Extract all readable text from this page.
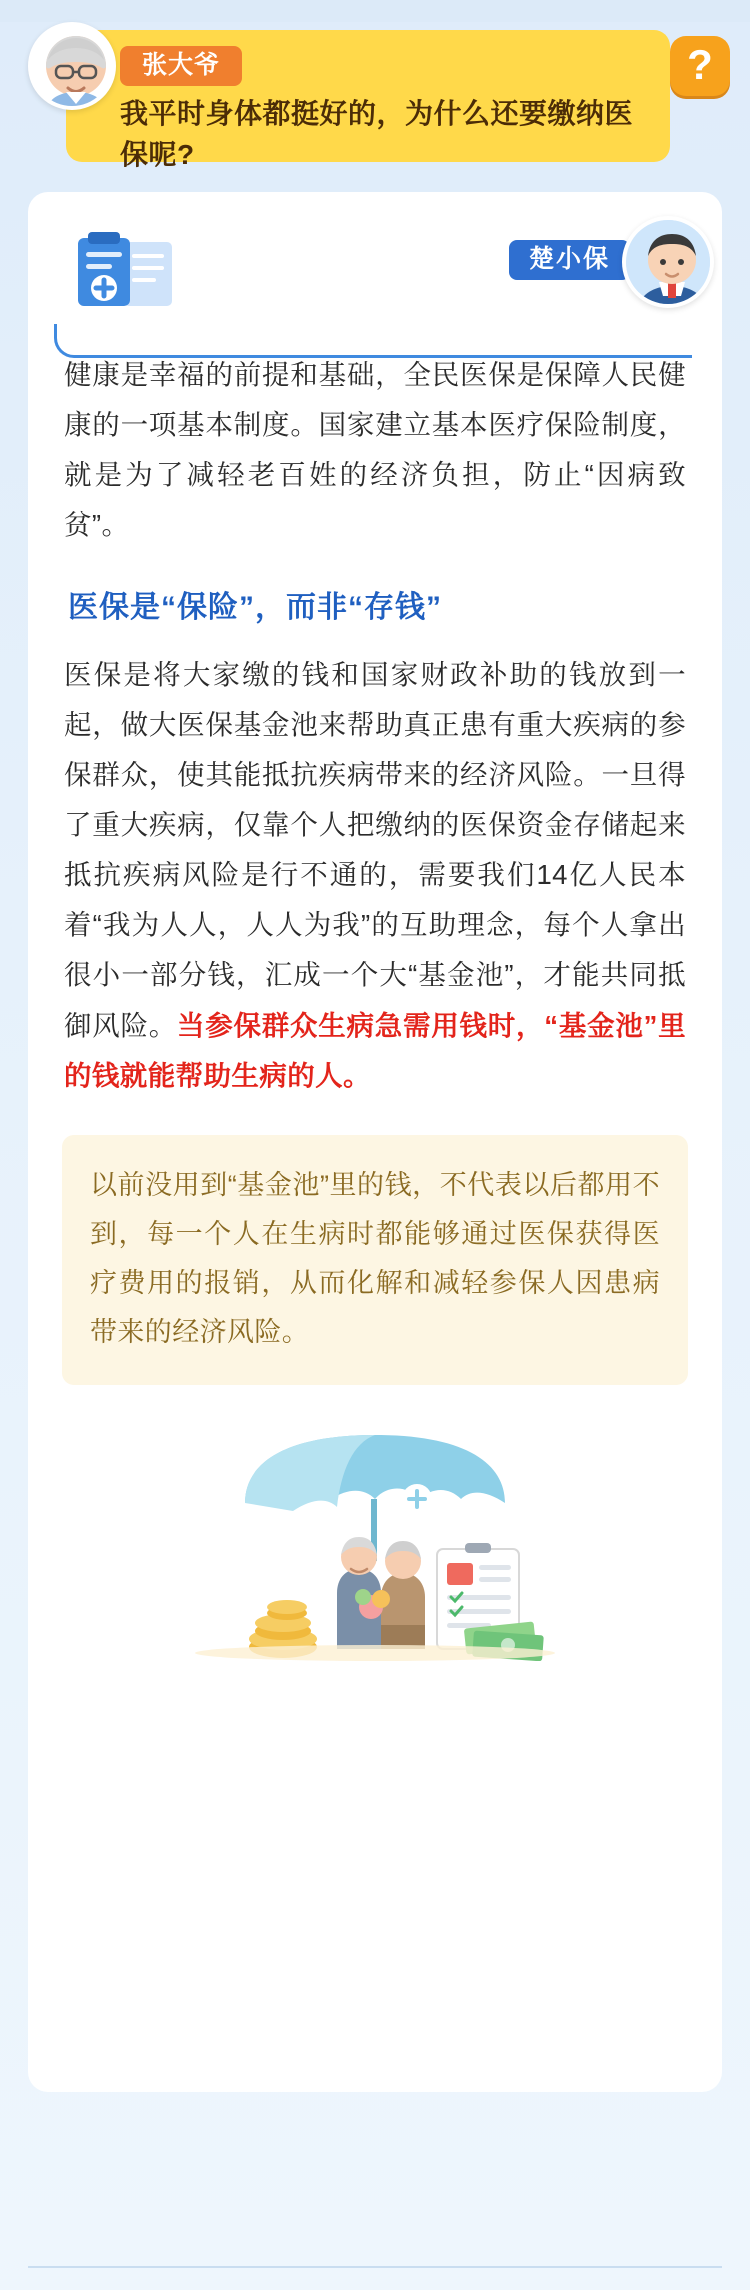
张大爷
我平时身体都挺好的，为什么还要缴纳医保呢?
?
楚小保

健康是幸福的前提和基础，全民医保是保障人民健康的一项基本制度。国家建立基本医疗保险制度，就是为了减轻老百姓的经济负担，防止“因病致贫”。

医保是“保险”，而非“存钱”

医保是将大家缴的钱和国家财政补助的钱放到一起，做大医保基金池来帮助真正患有重大疾病的参保群众，使其能抵抗疾病带来的经济风险。一旦得了重大疾病，仅靠个人把缴纳的医保资金存储起来抵抗疾病风险是行不通的，需要我们14亿人民本着“我为人人，人人为我”的互助理念，每个人拿出很小一部分钱，汇成一个大“基金池”，才能共同抵御风险。当参保群众生病急需用钱时，“基金池”里的钱就能帮助生病的人。

以前没用到“基金池”里的钱，不代表以后都用不到，每一个人在生病时都能够通过医保获得医疗费用的报销，从而化解和减轻参保人因患病带来的经济风险。
